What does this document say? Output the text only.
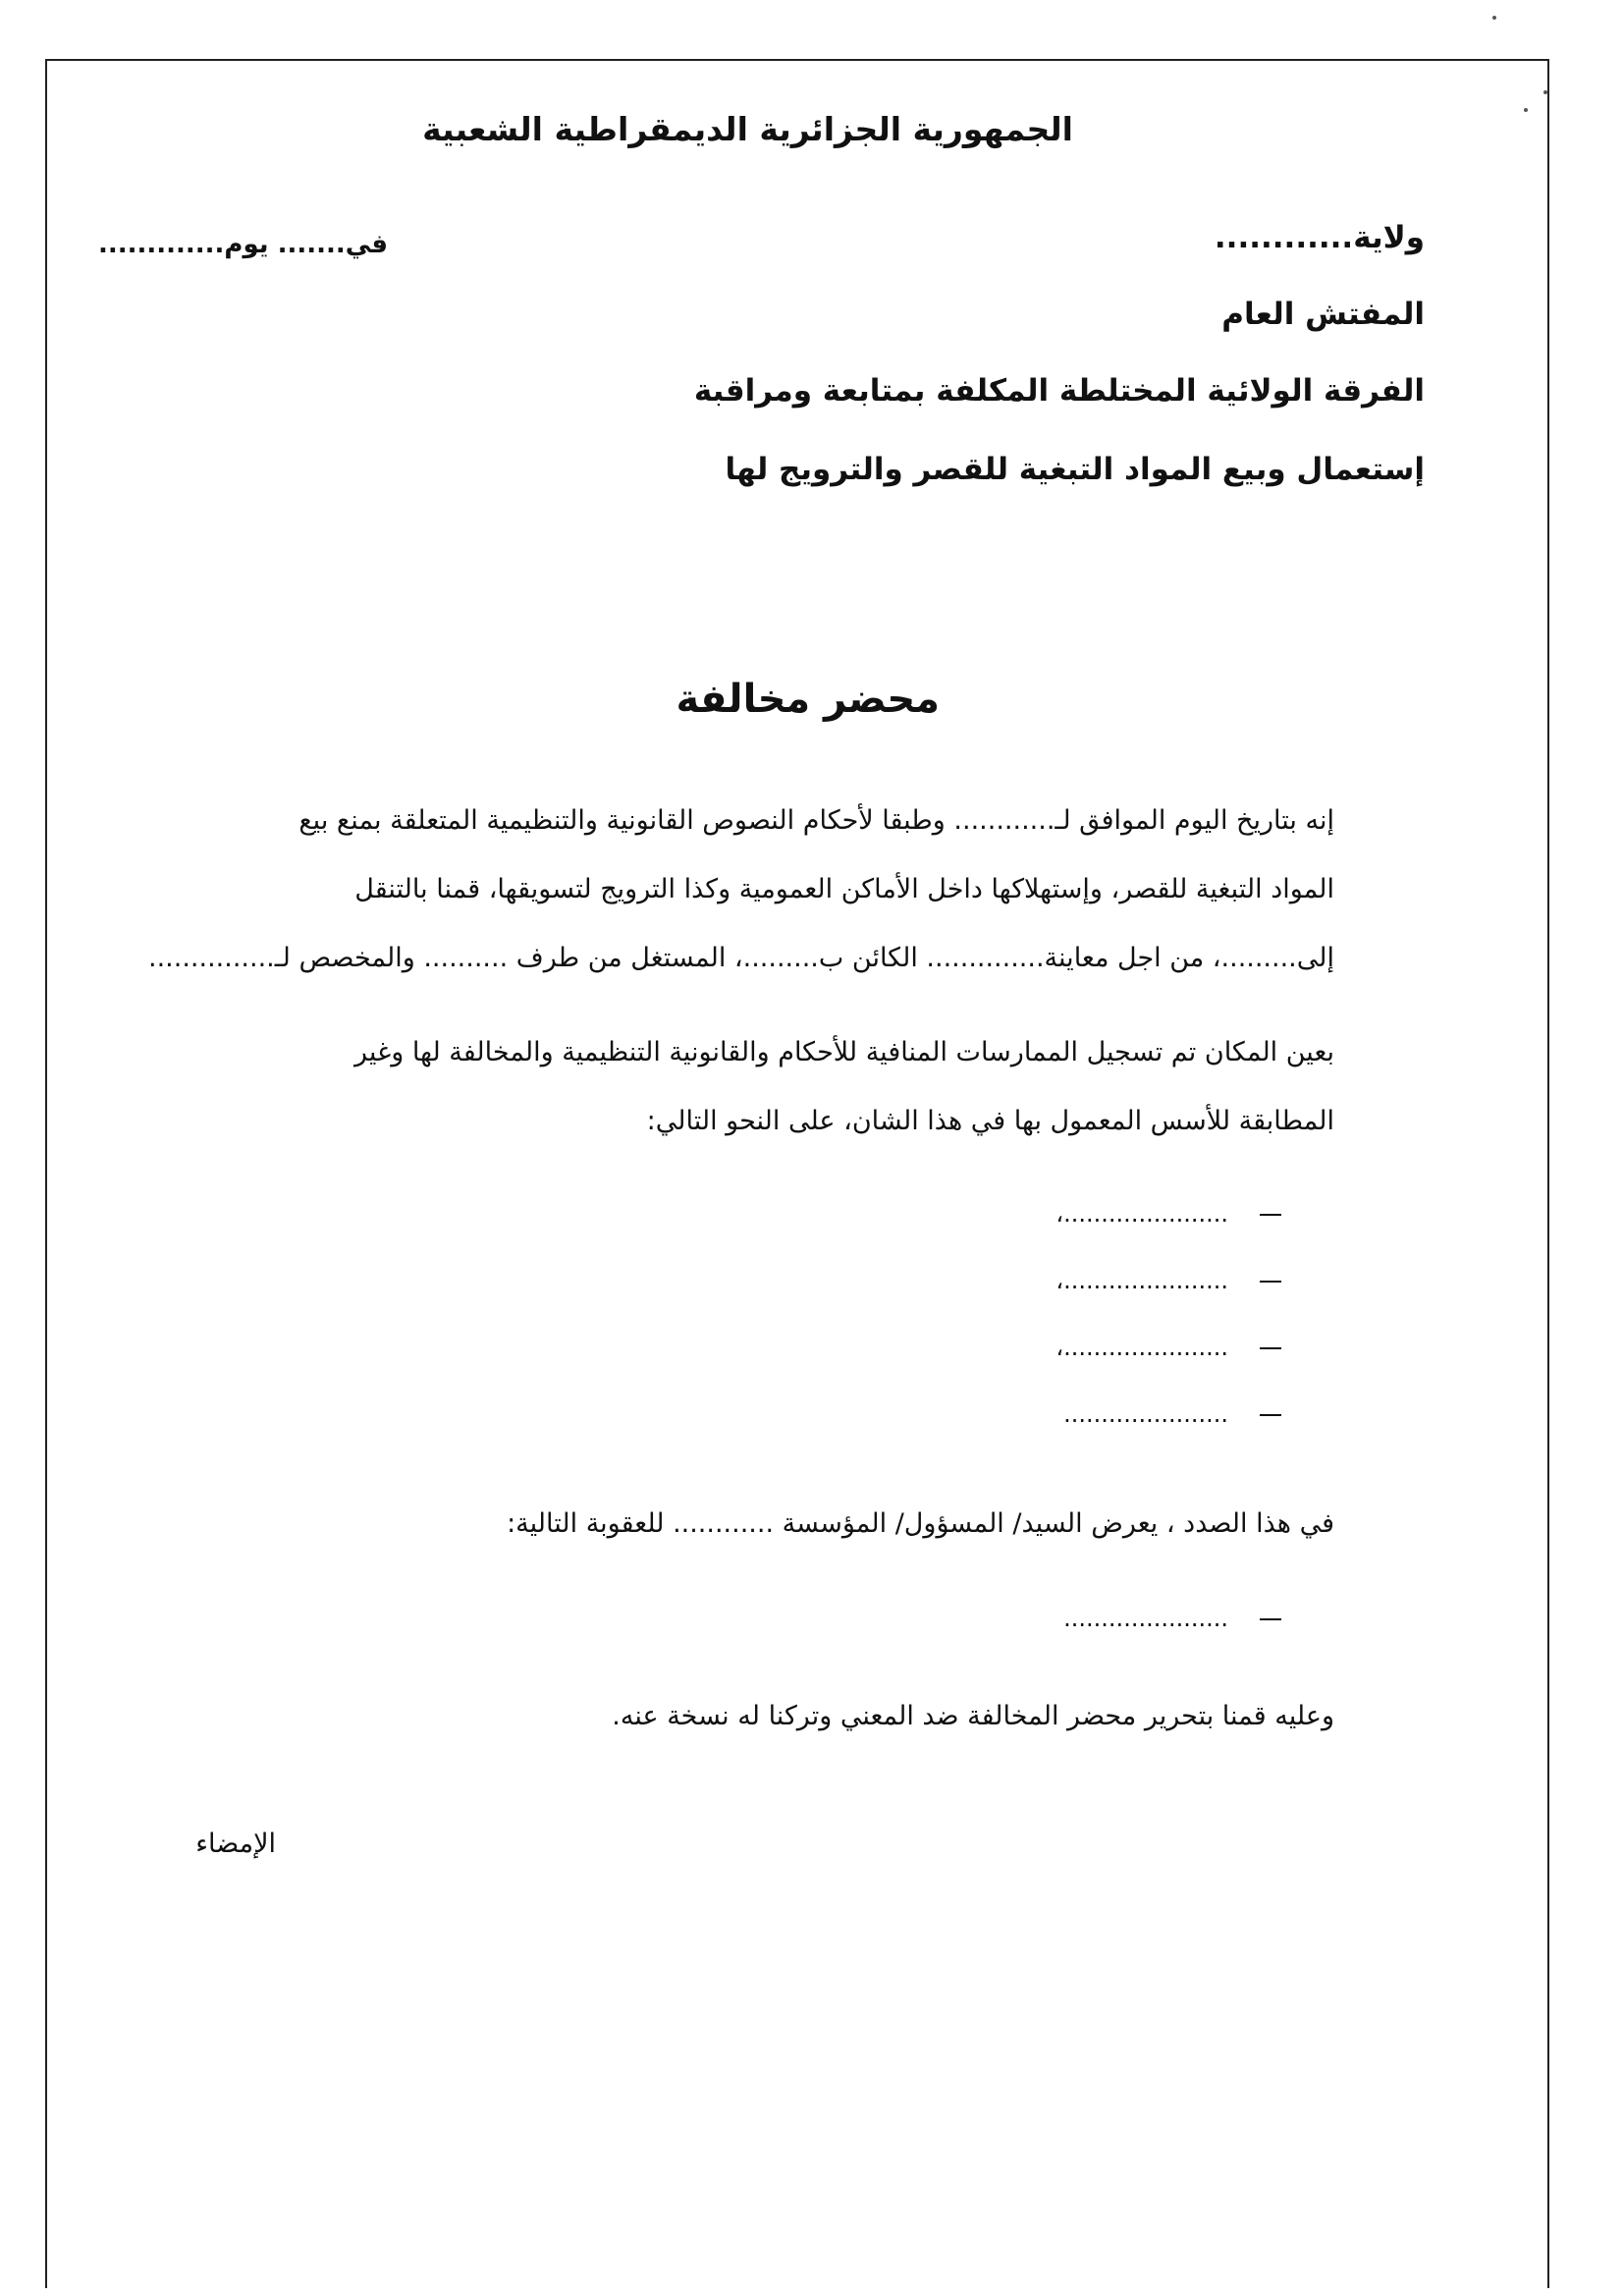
الجمهورية الجزائرية الديمقراطية الشعبية
ولاية............
في....... يوم.............
المفتش العام
الفرقة الولائية المختلطة المكلفة بمتابعة ومراقبة
إستعمال وبيع المواد التبغية للقصر والترويج لها
محضر مخالفة
إنه بتاريخ اليوم الموافق لـ............ وطبقا لأحكام النصوص القانونية والتنظيمية المتعلقة بمنع بيع
المواد التبغية للقصر، وإستهلاكها داخل الأماكن العمومية وكذا الترويج لتسويقها، قمنا بالتنقل
إلى.........، من اجل معاينة.............. الكائن ب.........، المستغل من طرف .......... والمخصص لـ...............
بعين المكان تم تسجيل الممارسات المنافية للأحكام والقانونية التنظيمية والمخالفة لها وغير
المطابقة للأسس المعمول بها في هذا الشان، على النحو التالي:
......................،
......................،
......................،
......................
في هذا الصدد ، يعرض السيد/ المسؤول/ المؤسسة ............ للعقوبة التالية:
......................
وعليه قمنا بتحرير محضر المخالفة ضد المعني وتركنا له نسخة عنه.
الإمضاء
